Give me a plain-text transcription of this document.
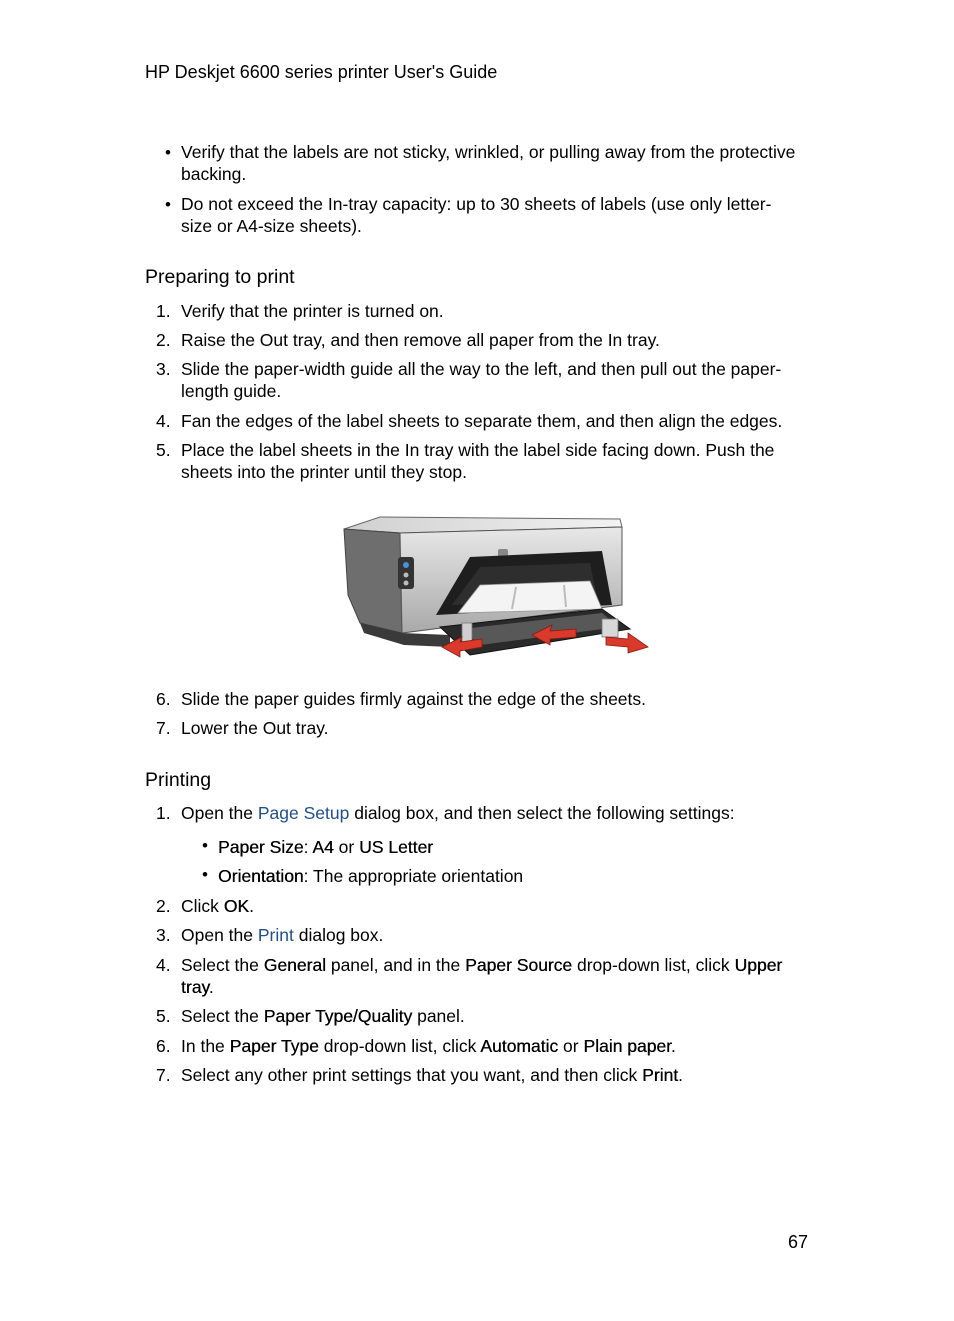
HP Deskjet 6600 series printer User's Guide
• Verify that the labels are not sticky, wrinkled, or pulling away from the protective
backing.
• Do not exceed the In-tray capacity: up to 30 sheets of labels (use only letter-
size or A4-size sheets).
Preparing to print
1. Verify that the printer is turned on.
2. Raise the Out tray, and then remove all paper from the In tray.
3. Slide the paper-width guide all the way to the left, and then pull out the paper-
length guide.
4. Fan the edges of the label sheets to separate them, and then align the edges.
5. Place the label sheets in the In tray with the label side facing down. Push the
sheets into the printer until they stop.
6. Slide the paper guides firmly against the edge of the sheets.
7. Lower the Out tray.
Printing
1. Open the Page Setup dialog box, and then select the following settings:
• Paper Size: A4 or US Letter
• Orientation: The appropriate orientation
2. Click OK.
3. Open the Print dialog box.
4. Select the General panel, and in the Paper Source drop-down list, click Upper
tray.
5. Select the Paper Type/Quality panel.
6. In the Paper Type drop-down list, click Automatic or Plain paper.
7. Select any other print settings that you want, and then click Print.
67
